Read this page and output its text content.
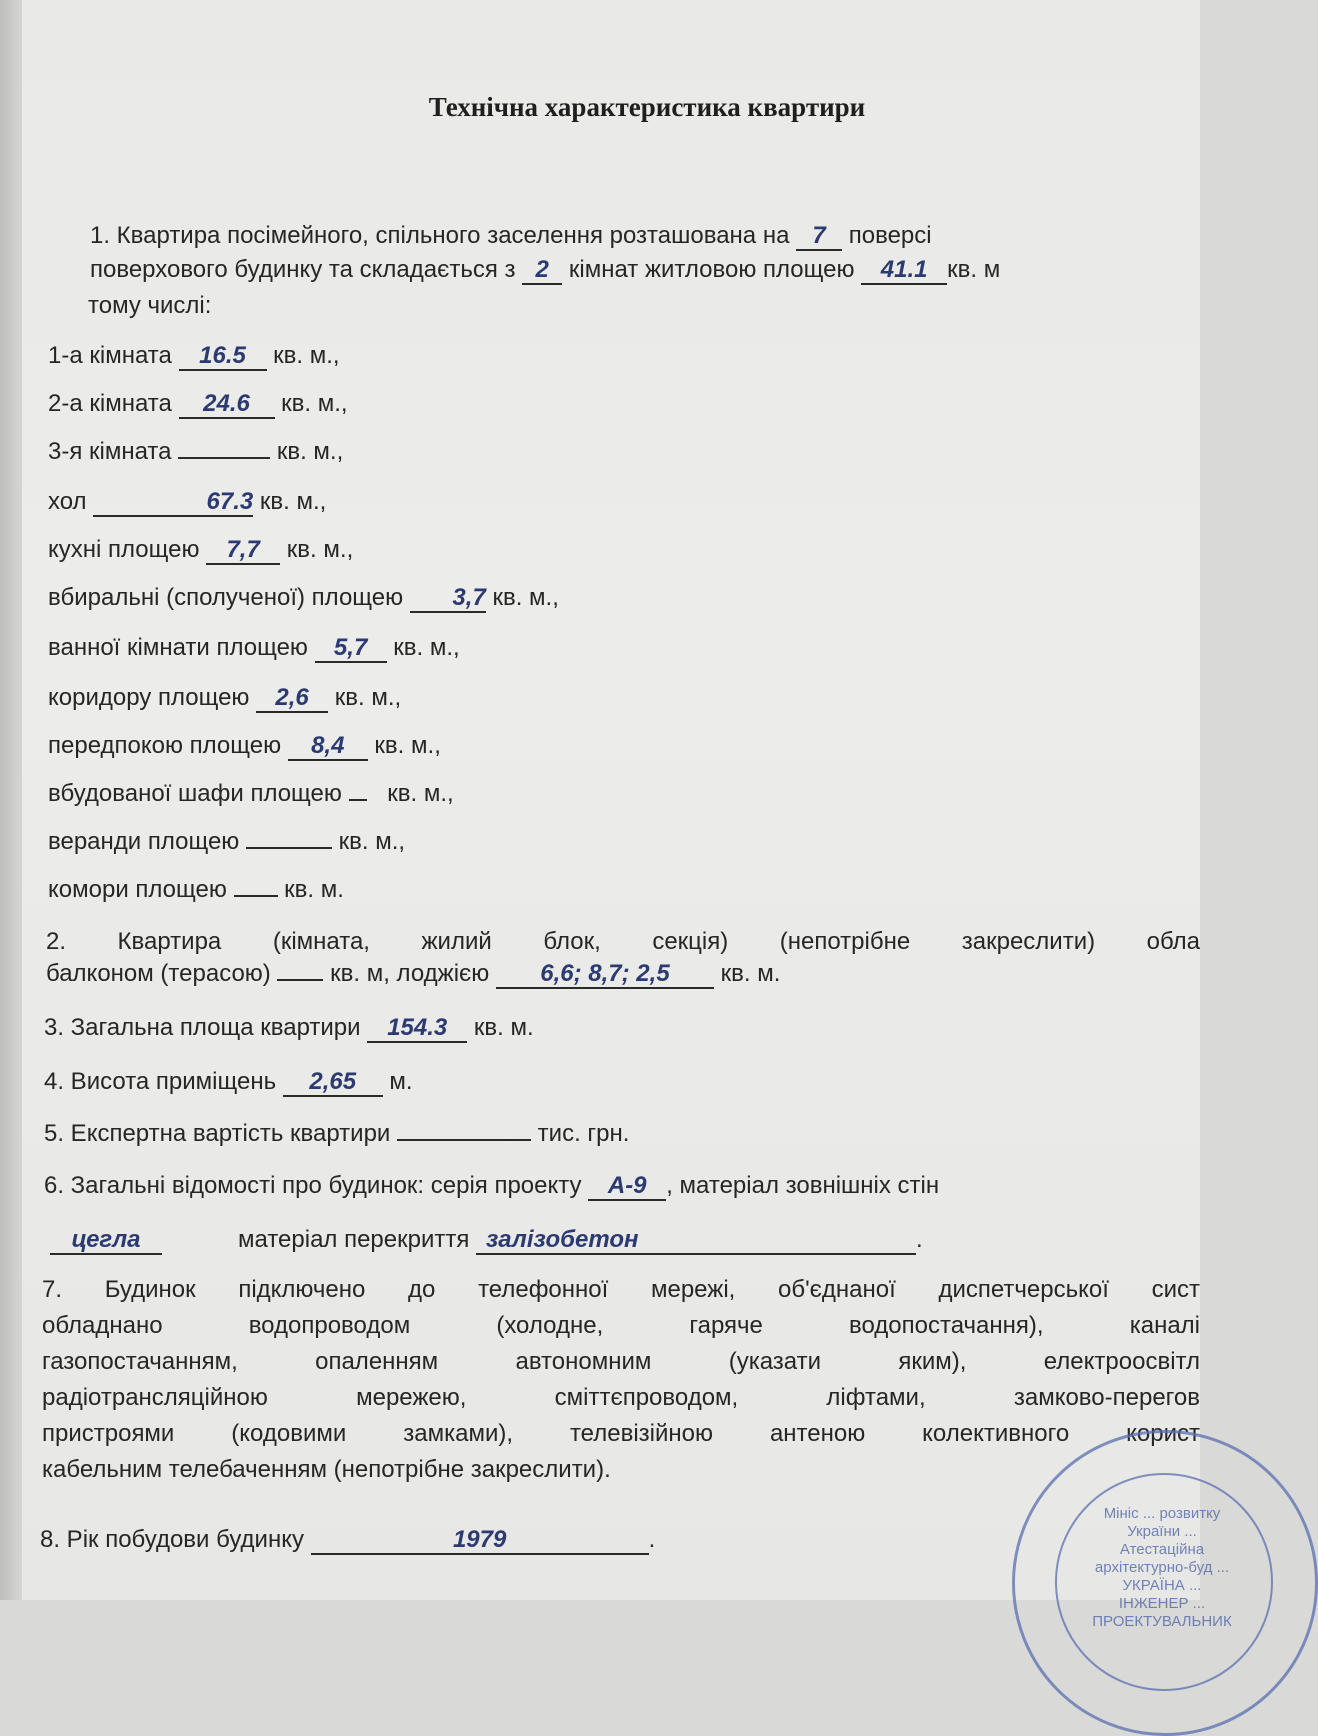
Технічна характеристика квартири
1. Квартира посімейного, спільного заселення розташована на 7 поверсі
поверхового будинку та складається з 2 кімнат житловою площею 41.1 кв. м
тому числі:
1-а кімната 16.5 кв. м.,
2-а кімната 24.6 кв. м.,
3-я кімната	кв. м.,
хол	67.3 кв. м.,
кухні площею 7,7 кв. м.,
вбиральні (сполученої) площею 3,7 кв. м.,
ванної кімнати площею 5,7 кв. м.,
коридору площею 2,6 кв. м.,
передпокою площею 8,4 кв. м.,
вбудованої шафи площею  кв. м.,
веранди площею	кв. м.,
комори площею  кв. м.
2. Квартира (кімната, жилий блок, секція) (непотрібне закреслити) обла
балконом (терасою)  кв. м, лоджією 6,6; 8,7; 2,5 кв. м.
3. Загальна площа квартири 154.3 кв. м.
4. Висота приміщень 2,65 м.
5. Експертна вартість квартири	тис. грн.
6. Загальні відомості про будинок: серія проекту А-9 , матеріал зовнішніх стін
цегла	матеріал перекриття залізобетон	.
7. Будинок підключено до телефонної мережі, об'єднаної диспетчерської сист
обладнано водопроводом (холодне, гаряче водопостачання), каналі
газопостачанням, опаленням автономним (указати яким), електроосвітл
радіотрансляційною мережею, сміттєпроводом, ліфтами, замково-перегов
пристроями (кодовими замками), телевізійною антеною колективного корист
кабельним телебаченням (непотрібне закреслити).
8. Рік побудови будинку	1979	.
Мініс ... розвитку України ... Атестаційна архітектурно-буд ... УКРАЇНА ... ІНЖЕНЕР ... ПРОЕКТУВАЛЬНИК
